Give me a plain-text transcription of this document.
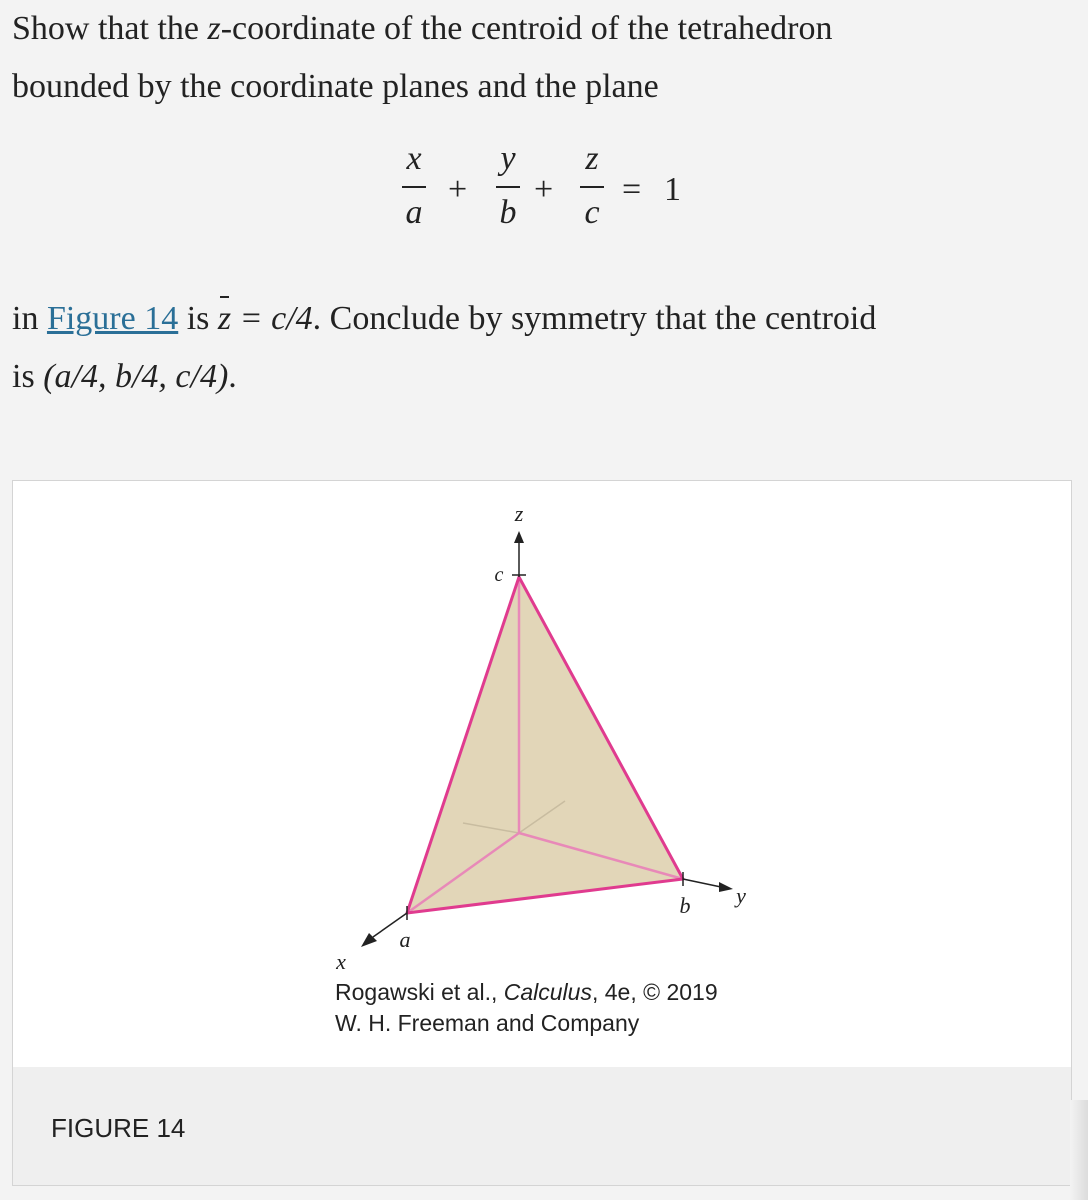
Show that the z-coordinate of the centroid of the tetrahedron
bounded by the coordinate planes and the plane
x
a
+
y
b
+
z
c
= 1
in Figure 14 is z = c/4. Conclude by symmetry that the centroid
is (a/4, b/4, c/4).
z
c
y
b
a
x
Rogawski et al., Calculus, 4e, © 2019
W. H. Freeman and Company
FIGURE 14
